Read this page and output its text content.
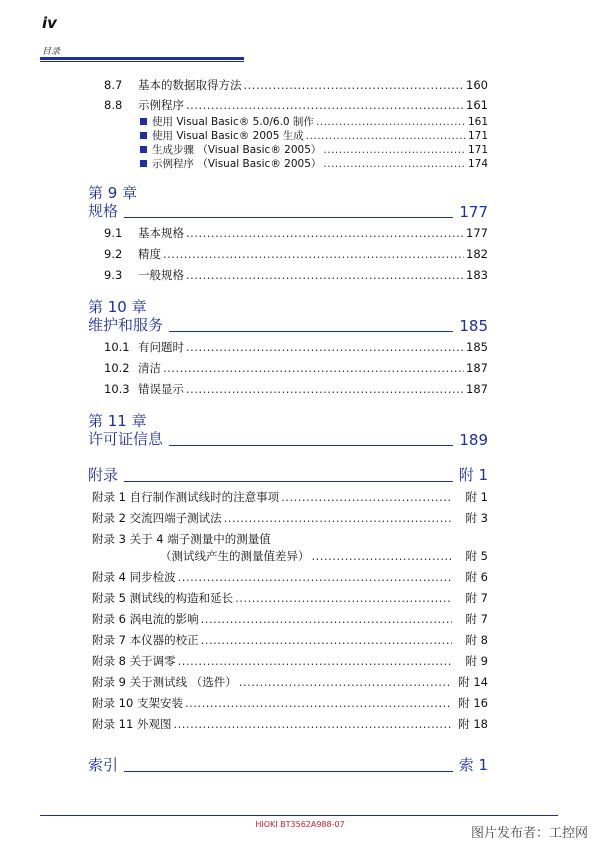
iv
目录
8.7	基本的数据取得方法 .....	160
8.8	示例程序 .....	161
使用 Visual Basic® 5.0/6.0 制作 .....	161
使用 Visual Basic® 2005 生成 .....	171
生成步骤 （Visual Basic® 2005） .....	171
示例程序 （Visual Basic® 2005） .....	174
第 9 章
规格	177
9.1	基本规格 .....	177
9.2	精度 .....	182
9.3	一般规格 .....	183
第 10 章
维护和服务	185
10.1 有问题时 .....	185
10.2 清洁 .....	187
10.3 错误显示 .....	187
第 11 章
许可证信息	189
附录	附 1
附录 1 自行制作测试线时的注意事项 .....	附 1
附录 2 交流四端子测试法 .....	附 3
附录 3 关于 4 端子测量中的测量值
（测试线产生的测量值差异） .....	附 5
附录 4 同步检波 .....	附 6
附录 5 测试线的构造和延长 .....	附 7
附录 6 涡电流的影响 .....	附 7
附录 7 本仪器的校正 .....	附 8
附录 8 关于调零 .....	附 9
附录 9 关于测试线 （选件） .....	附 14
附录 10 支架安装 .....	附 16
附录 11 外观图 .....	附 18
索引	索 1
HIOKI BT3562A988-07
图片发布者：工控网
